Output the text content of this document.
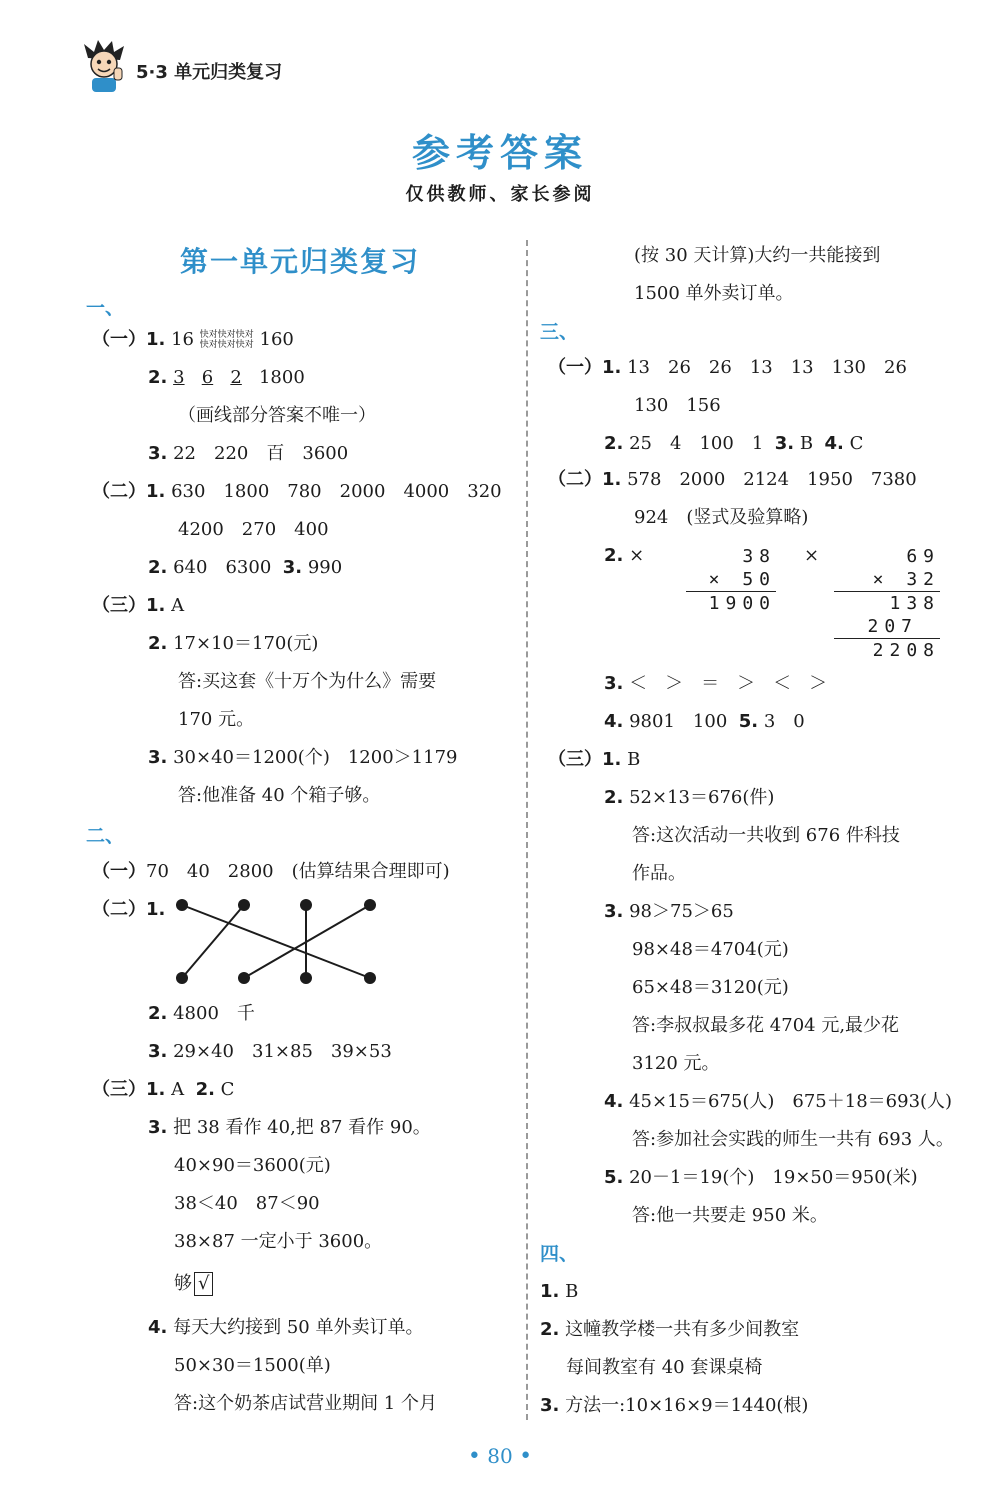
5·3 单元归类复习
参考答案
仅供教师、家长参阅
第一单元归类复习
一、
（一）1. 16 快对快对快对
快对快对快对 160
2. 3 6 2 1800
（画线部分答案不唯一）
3. 22　220　百　3600
（二）1. 630　1800　780　2000　4000　320
4200　270　400
2. 640　6300 3. 990
（三）1. A
2. 17×10＝170(元)
答:买这套《十万个为什么》需要
170 元。
3. 30×40＝1200(个)　1200＞1179
答:他准备 40 个箱子够。
二、
（一）70　40　2800　(估算结果合理即可)
（二）1.
2. 4800　千
3. 29×40　31×85　39×53
（三）1. A 2. C
3. 把 38 看作 40,把 87 看作 90。
40×90＝3600(元)
38＜40　87＜90
38×87 一定小于 3600。
够 √
4. 每天大约接到 50 单外卖订单。
50×30＝1500(单)
答:这个奶茶店试营业期间 1 个月
(按 30 天计算)大约一共能接到
1500 单外卖订单。
三、
（一）1. 13　26　26　13　13　130　26
130　156
2. 25　4　100　1 3. B 4. C
（二）1. 578　2000　2124　1950　7380
924　(竖式及验算略)
2. ×	×
38
× 50
1900
69
× 32
138
207
2208
3. ＜　＞　＝　＞　＜　＞
4. 9801　100 5. 3　0
（三）1. B
2. 52×13＝676(件)
答:这次活动一共收到 676 件科技
作品。
3. 98＞75＞65
98×48＝4704(元)
65×48＝3120(元)
答:李叔叔最多花 4704 元,最少花
3120 元。
4. 45×15＝675(人)　675＋18＝693(人)
答:参加社会实践的师生一共有 693 人。
5. 20－1＝19(个)　19×50＝950(米)
答:他一共要走 950 米。
四、
1. B
2. 这幢教学楼一共有多少间教室
每间教室有 40 套课桌椅
3. 方法一:10×16×9＝1440(根)
• 80 •
